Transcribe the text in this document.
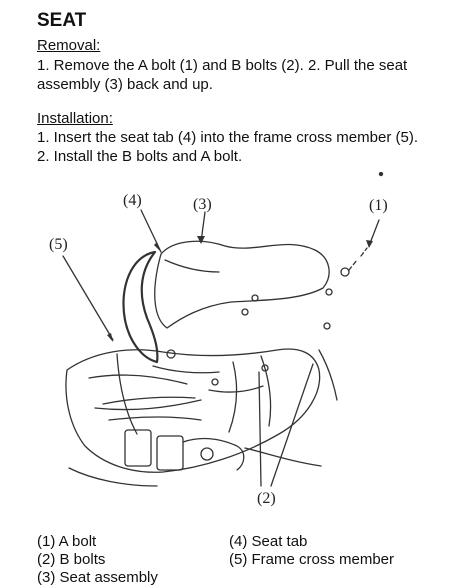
SEAT
Removal:
1. Remove the A bolt (1) and B bolts (2). 2. Pull the seat assembly (3) back and up.
Installation:
1. Insert the seat tab (4) into the frame cross member (5).
2. Install the B bolts and A bolt.
(4)	(3)	(1)
(5)
(2)
(1) A bolt
(2) B bolts
(3) Seat assembly
(4) Seat tab
(5) Frame cross member
